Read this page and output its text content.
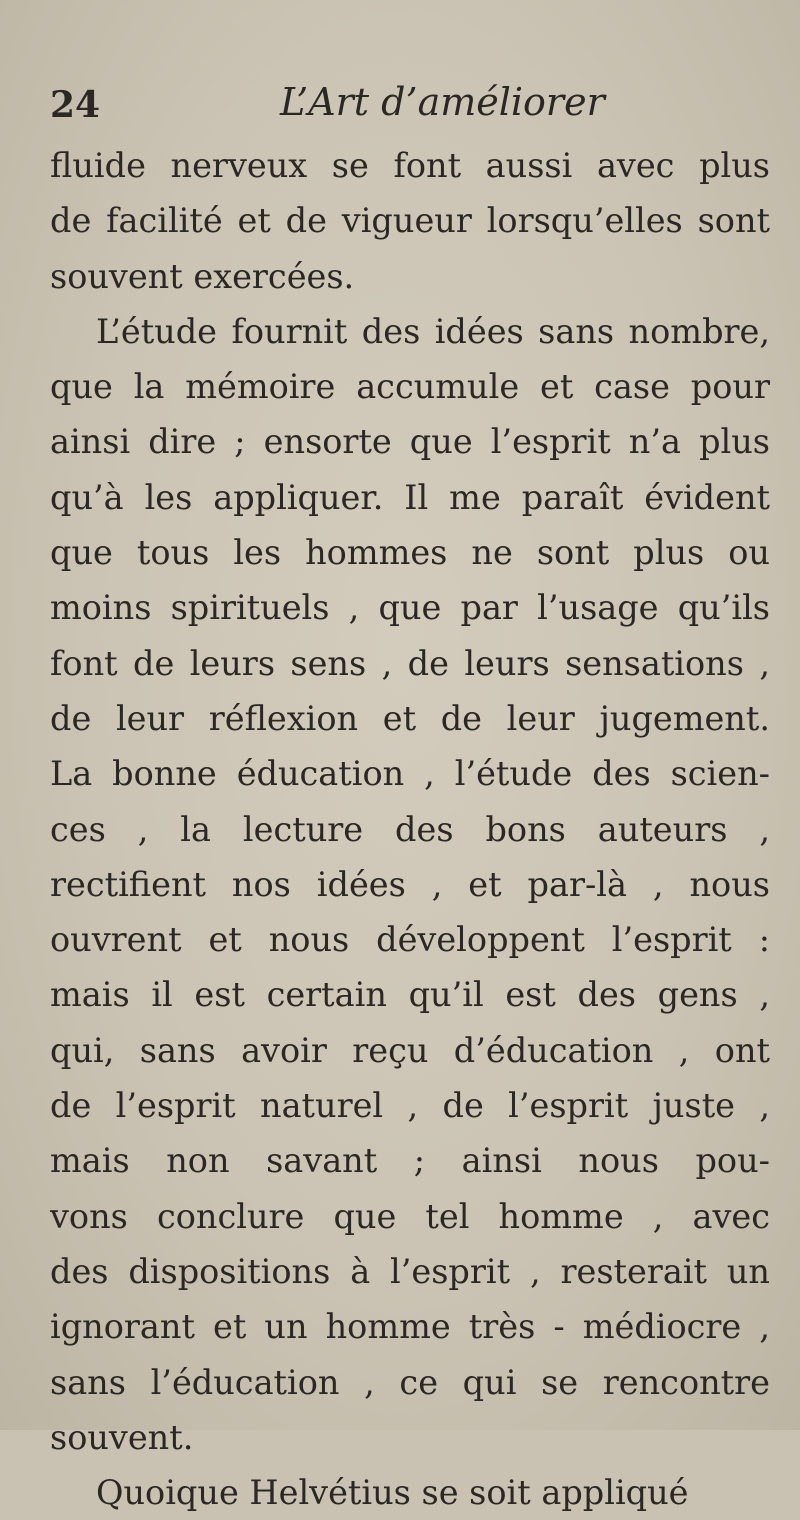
24	L’Art d’améliorer
fluide nerveux se font aussi avec plus
de facilité et de vigueur lorsqu’elles sont
souvent exercées.
L’étude fournit des idées sans nombre,
que la mémoire accumule et case pour
ainsi dire ; ensorte que l’esprit n’a plus
qu’à les appliquer. Il me paraît évident
que tous les hommes ne sont plus ou
moins spirituels , que par l’usage qu’ils
font de leurs sens , de leurs sensations ,
de leur réflexion et de leur jugement.
La bonne éducation , l’étude des scien-
ces , la lecture des bons auteurs ,
rectifient nos idées , et par-là , nous
ouvrent et nous développent l’esprit :
mais il est certain qu’il est des gens ,
qui, sans avoir reçu d’éducation , ont
de l’esprit naturel , de l’esprit juste ,
mais non savant ; ainsi nous pou-
vons conclure que tel homme , avec
des dispositions à l’esprit , resterait un
ignorant et un homme très - médiocre ,
sans l’éducation , ce qui se rencontre
souvent.
Quoique Helvétius se soit appliqué
